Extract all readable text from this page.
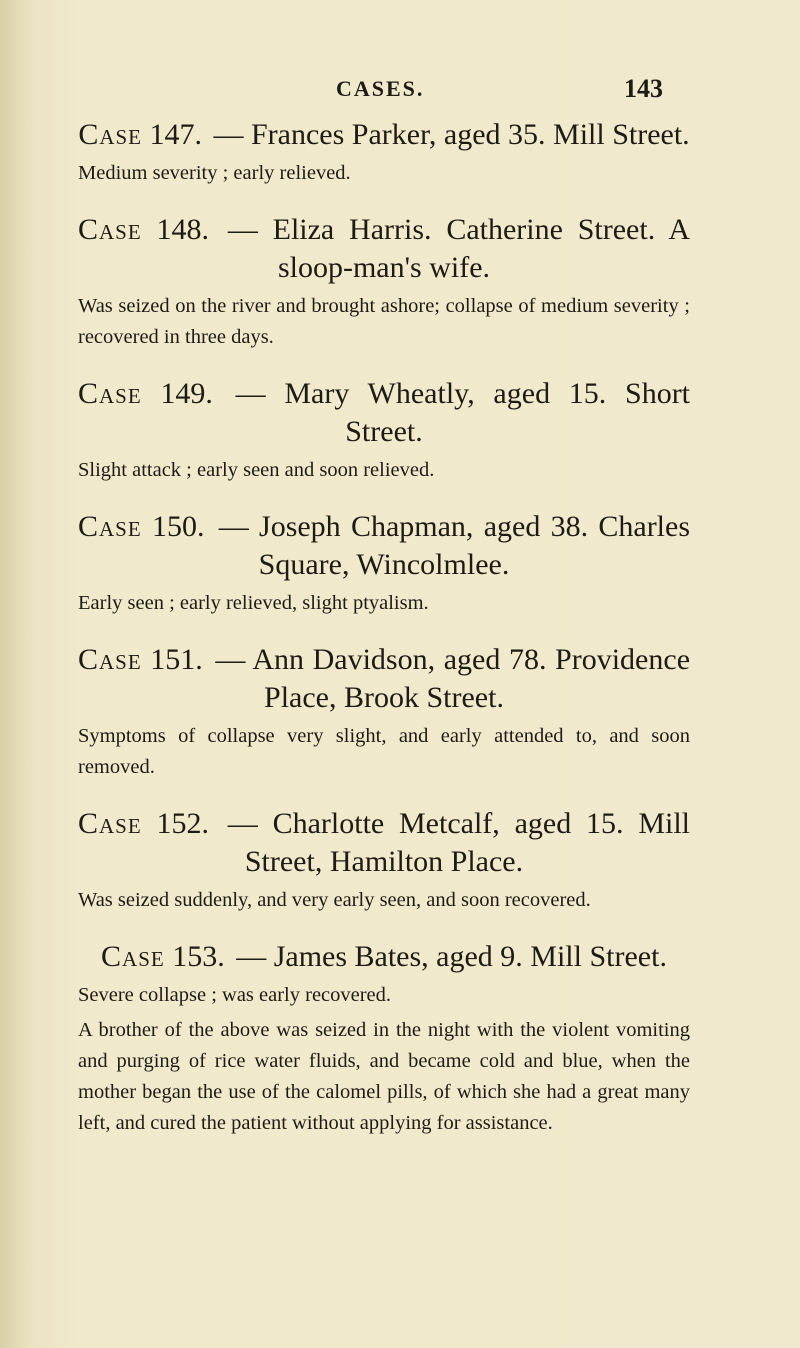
CASES.	143
Case 147. — Frances Parker, aged 35. Mill Street.

Medium severity ; early relieved.

Case 148. — Eliza Harris. Catherine Street. A sloop-man's wife.

Was seized on the river and brought ashore; collapse of medium severity ; recovered in three days.

Case 149. — Mary Wheatly, aged 15. Short Street.

Slight attack ; early seen and soon relieved.

Case 150. — Joseph Chapman, aged 38. Charles Square, Wincolmlee.

Early seen ; early relieved, slight ptyalism.

Case 151. — Ann Davidson, aged 78. Providence Place, Brook Street.

Symptoms of collapse very slight, and early attended to, and soon removed.

Case 152. — Charlotte Metcalf, aged 15. Mill Street, Hamilton Place.

Was seized suddenly, and very early seen, and soon recovered.

Case 153. — James Bates, aged 9. Mill Street.

Severe collapse ; was early recovered.

A brother of the above was seized in the night with the violent vomiting and purging of rice water fluids, and became cold and blue, when the mother began the use of the calomel pills, of which she had a great many left, and cured the patient without applying for assistance.
